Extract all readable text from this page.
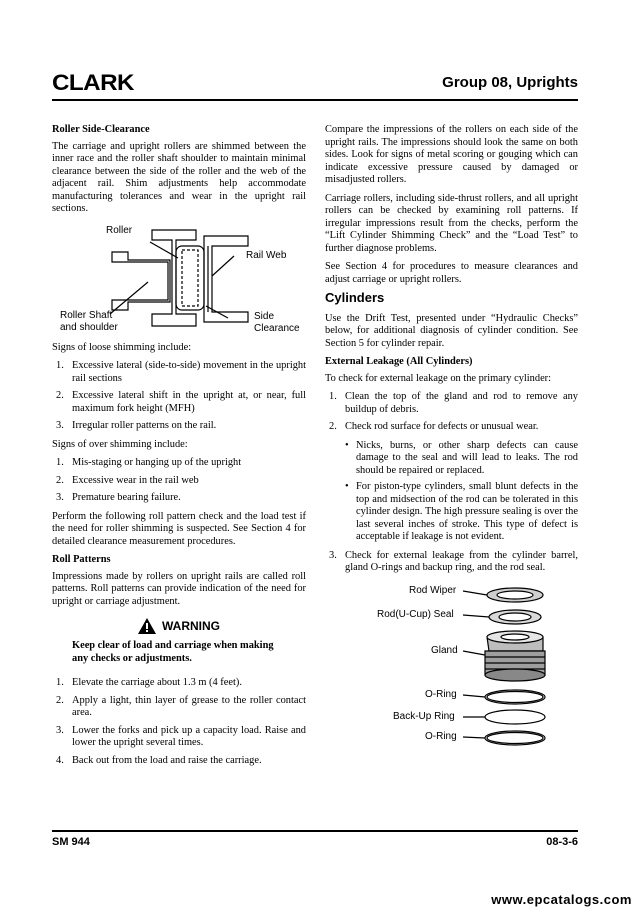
CLARK	Group 08, Uprights
Roller Side-Clearance

The carriage and upright rollers are shimmed between the inner race and the roller shaft shoulder to maintain minimal clearance between the side of the roller and the web of the adjacent rail. Shim adjustments help accommodate manufacturing tolerances and wear in the upright rail sections.

Roller
Rail Web
Roller Shaft
and shoulder
Side
Clearance

Signs of loose shimming include:

1. Excessive lateral (side-to-side) movement in the upright rail sections
2. Excessive lateral shift in the upright at, or near, full maximum fork height (MFH)
3. Irregular roller patterns on the rail.

Signs of over shimming include:

1. Mis-staging or hanging up of the upright
2. Excessive wear in the rail web
3. Premature bearing failure.

Perform the following roll pattern check and the load test if the need for roller shimming is suspected. See Section 4 for detailed clearance measurement procedures.

Roll Patterns

Impressions made by rollers on upright rails are called roll patterns. Roll patterns can provide indication of the need for upright or carriage adjustment.

WARNING
Keep clear of load and carriage when making
any checks or adjustments.
1. Elevate the carriage about 1.3 m (4 feet).
2. Apply a light, thin layer of grease to the roller contact area.
3. Lower the forks and pick up a capacity load. Raise and lower the upright several times.
4. Back out from the load and raise the carriage.

Compare the impressions of the rollers on each side of the upright rails. The impressions should look the same on both sides. Look for signs of metal scoring or gouging which can indicate excessive pressure caused by damaged or misadjusted rollers.

Carriage rollers, including side-thrust rollers, and all upright rollers can be checked by examining roll patterns. If irregular impressions result from the checks, perform the “Lift Cylinder Shimming Check” and the “Load Test” to further diagnose problems.

See Section 4 for procedures to measure clearances and adjust carriage or upright rollers.

Cylinders

Use the Drift Test, presented under “Hydraulic Checks” below, for additional diagnosis of cylinder condition. See Section 5 for cylinder repair.

External Leakage (All Cylinders)

To check for external leakage on the primary cylinder:

1. Clean the top of the gland and rod to remove any buildup of debris.
2. Check rod surface for defects or unusual wear.
• Nicks, burns, or other sharp defects can cause damage to the seal and will lead to leaks. The rod should be repaired or replaced.
• For piston-type cylinders, small blunt defects in the top and midsection of the rod can be tolerated in this cylinder design. The high pressure sealing is over the last several inches of stroke. This type of defect is acceptable if leakage is not evident.
3. Check for external leakage from the cylinder barrel, gland O-rings and backup ring, and the rod seal.
Rod Wiper
Rod(U-Cup) Seal
Gland
O-Ring
Back-Up Ring
O-Ring
SM 944	08-3-6
www.epcatalogs.com
